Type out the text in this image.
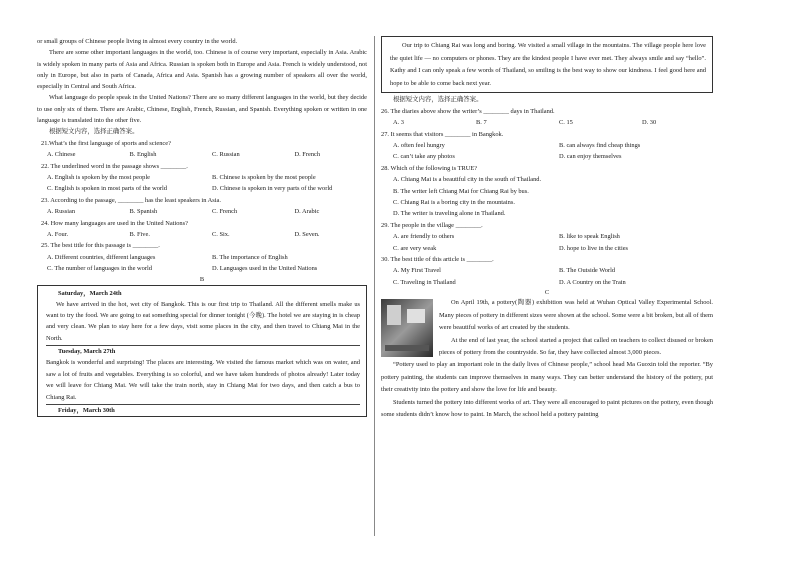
or small groups of Chinese people living in almost every country in the world.

There are some other important languages in the world, too. Chinese is of course very important, especially in Asia. Arabic is widely spoken in many parts of Asia and Africa. Russian is spoken both in Europe and Asia. French is widely understood, not only in Europe, but also in parts of Canada, Africa and Asia. Spanish has a growing number of speakers all over the world, especially in Central and South Africa.

What language do people speak in the United Nations? There are so many different languages in the world, but they decide to use only six of them. There are Arabic, Chinese, English, French, Russian, and Spanish. Everything spoken or written in one language is translated into the other five.

根据短文内容，选择正确答案。

21.What’s the first language of sports and science?

A. Chinese	B. English	C. Russian	D. French

22. The underlined word in the passage shows ________.

A. English is spoken by the most people	B. Chinese is spoken by the most people
C. English is spoken in most parts of the world	D. Chinese is spoken in very parts of the world

23. According to the passage, ________ has the least speakers in Asia.

A. Russian	B. Spanish	C. French	D. Arabic

24. How many languages are used in the United Nations?

A. Four.	B. Five.	C. Six.	D. Seven.

25. The best title for this passage is ________.

A. Different countries, different languages	B. The importance of English
C. The number of languages in the world	D. Languages used in the United Nations
B
Saturday，March 24th
We have arrived in the hot, wet city of Bangkok. This is our first trip to Thailand. All the different smells make us want to try the food. We are going to eat something special for dinner tonight (今晚). The hotel we are staying in is cheap and very clean. We plan to stay here for a few days, visit some places in the city, and then travel to Chiang Mai in the North.
Tuesday, March 27th
Bangkok is wonderful and surprising! The places are interesting. We visited the famous market which was on water, and saw a lot of fruits and vegetables. Everything is so colorful, and we have taken hundreds of photos already! Later today we will leave for Chiang Mai. We will take the train north, stay in Chiang Mai for two days, and then catch a bus to Chiang Rai.
Friday，March 30th

Our trip to Chiang Rai was long and boring. We visited a small village in the mountains. The village people here love the quiet life — no computers or phones. They are the kindest people I have ever met. They always smile and say “hello”. Kathy and I can only speak a few words of Thailand, so smiling is the best way to show our kindness. I feel good here and hope to be able to come back next year.

根据短文内容，选择正确答案。

26. The diaries above show the writer’s ________ days in Thailand.

A. 3	B. 7	C. 15	D. 30

27. It seems that visitors ________ in Bangkok.

A. often feel hungry	B. can always find cheap things
C. can’t take any photos	D. can enjoy themselves

28. Which of the following is TRUE?

A. Chiang Mai is a beautiful city in the south of Thailand.
B. The writer left Chiang Mai for Chiang Rai by bus.
C. Chiang Rai is a boring city in the mountains.
D. The writer is traveling alone in Thailand.

29. The people in the village ________.

A. are friendly to others	B. like to speak English
C. are very weak	D. hope to live in the cities

30. The best title of this article is ________.

A. My First Travel	B. The Outside World
C. Traveling in Thailand	D. A Country on the Train
C

On April 19th, a pottery(陶器) exhibition was held at Wuhan Optical Valley Experimental School. Many pieces of pottery in different sizes were shown at the school. Some were a bit broken, but all of them were beautiful works of art created by the students.

At the end of last year, the school started a project that called on teachers to collect disused or broken pieces of pottery from the countryside. So far, they have collected almost 3,000 pieces.

“Pottery used to play an important role in the daily lives of Chinese people,” school head Ma Guoxin told the reporter. “By pottery painting, the students can improve themselves in many ways. They can better understand the history of the pottery, put their creativity into the pottery and show the love for life and beauty.

Students turned the pottery into different works of art. They were all encouraged to paint pictures on the pottery, even though some students didn’t know how to paint. In March, the school held a pottery painting
